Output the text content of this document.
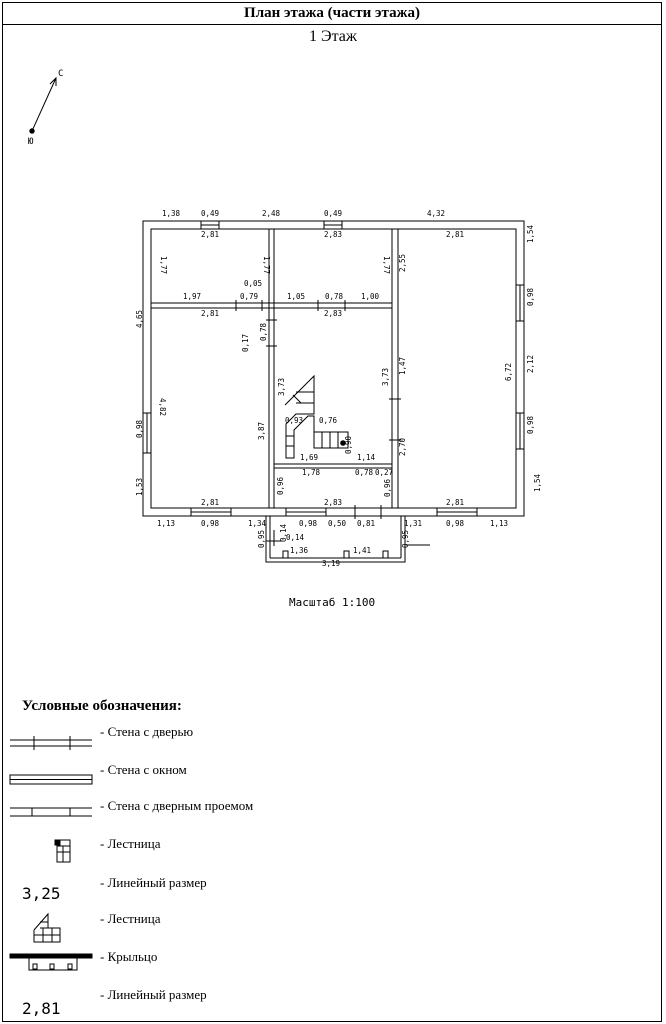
План этажа (части этажа)
1 Этаж
С
Ю
1,38	0,49	2,48	0,49	4,32
2,81	2,83	2,81
1,77	1,77	1,77 2,55
1,54
0,05
1,97	0,79	1,05	0,78 1,00
2,81	2,83
0,17
0,78
4,65
4,82
3,73
3,87
3,73
1,47	6,72 2,12
0,98
0,98
0,98
2,70
1,53	1,54
0,93 0,76
1,69
0,90
1,14
1,78	0,78 0,27
0,96	0,96
2,81	2,83	2,81
1,13	0,98	1,34	0,98 0,50 0,81	1,31	0,98	1,13
0,95 0,14
0,14
1,36	1,41
0,95
3,19
Масштаб 1:100
Условные обозначения:
- Стена с дверью
- Стена с окном
- Стена с дверным проемом
- Лестница
- Линейный размер
- Лестница
- Крыльцо
- Линейный размер
3,25
2,81
